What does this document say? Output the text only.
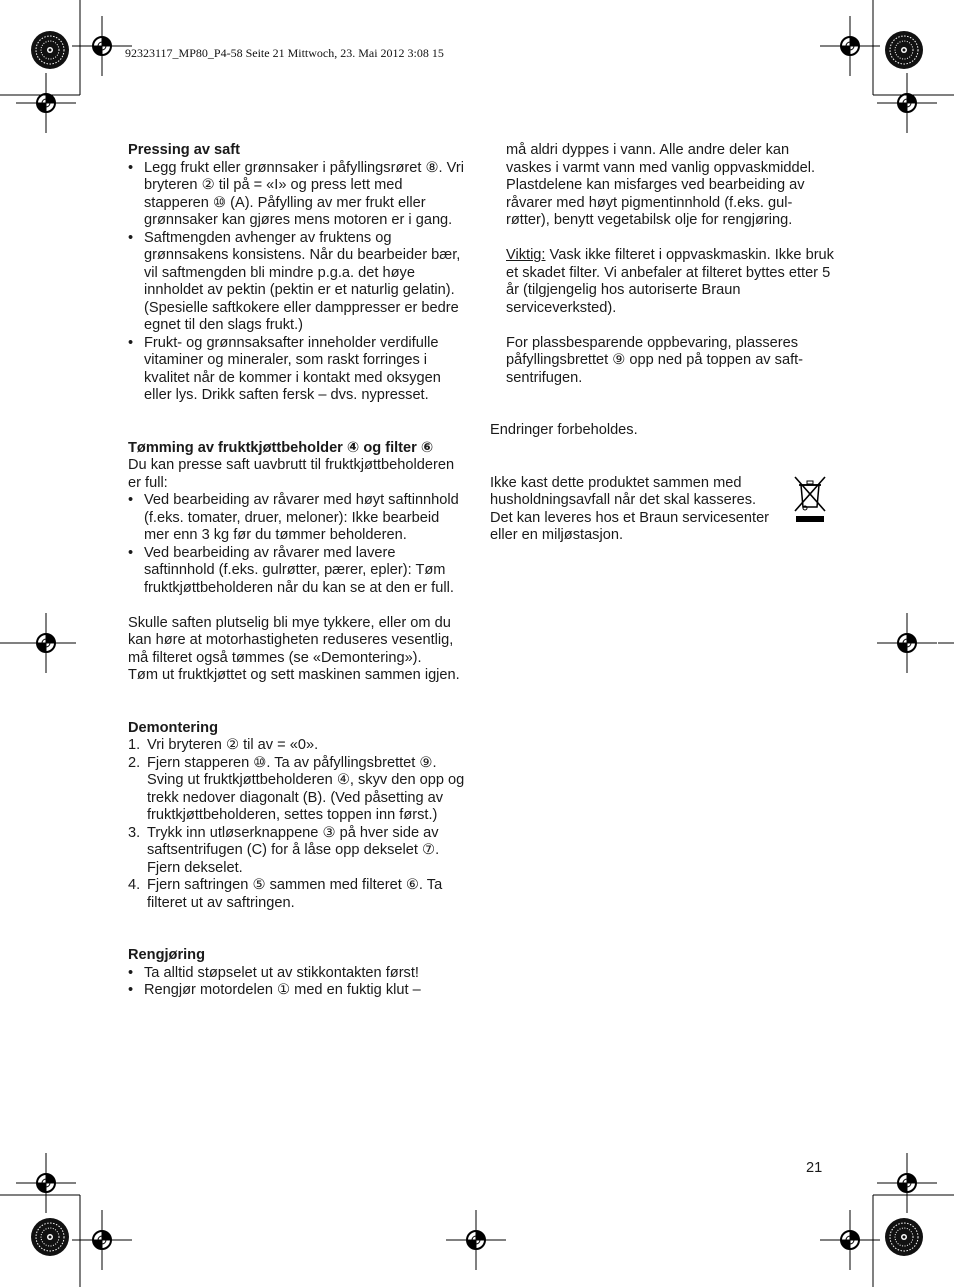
92323117_MP80_P4-58 Seite 21 Mittwoch, 23. Mai 2012 3:08 15
Pressing av saft
• Legg frukt eller grønnsaker i påfyllingsrøret ⑧. Vri bryteren ② til på = «I» og press lett med stapperen ⑩ (A). Påfylling av mer frukt eller grønnsaker kan gjøres mens motoren er i gang.
• Saftmengden avhenger av fruktens og grønnsakens konsistens. Når du bearbeider bær, vil saftmengden bli mindre p.g.a. det høye innholdet av pektin (pektin er et naturlig gelatin).
(Spesielle saftkokere eller damppresser er bedre egnet til den slags frukt.)
• Frukt- og grønnsaksafter inneholder verdifulle vitaminer og mineraler, som raskt forringes i kvalitet når de kommer i kontakt med oksygen eller lys. Drikk saften fersk – dvs. nypresset.
Tømming av fruktkjøttbeholder ④ og filter ⑥

Du kan presse saft uavbrutt til fruktkjøttbeholderen er full:

• Ved bearbeiding av råvarer med høyt saftinnhold (f.eks. tomater, druer, meloner): Ikke bearbeid mer enn 3 kg før du tømmer beholderen.
• Ved bearbeiding av råvarer med lavere saftinnhold (f.eks. gulrøtter, pærer, epler): Tøm fruktkjøttbeholderen når du kan se at den er full.

Skulle saften plutselig bli mye tykkere, eller om du kan høre at motorhastigheten reduseres vesentlig, må filteret også tømmes (se «Demontering»).

Tøm ut fruktkjøttet og sett maskinen sammen igjen.

Demontering
1. Vri bryteren ② til av = «0».
2. Fjern stapperen ⑩. Ta av påfyllingsbrettet ⑨. Sving ut fruktkjøttbeholderen ④, skyv den opp og trekk nedover diagonalt (B). (Ved påsetting av fruktkjøttbeholderen, settes toppen inn først.)
3. Trykk inn utløserknappene ③ på hver side av saftsentrifugen (C) for å låse opp dekselet ⑦. Fjern dekselet.
4. Fjern saftringen ⑤ sammen med filteret ⑥. Ta filteret ut av saftringen.
Rengjøring
• Ta alltid støpselet ut av stikkontakten først!
• Rengjør motordelen ① med en fuktig klut –

må aldri dyppes i vann. Alle andre deler kan vaskes i varmt vann med vanlig oppvaskmiddel. Plastdelene kan misfarges ved bearbeiding av råvarer med høyt pigmentinnhold (f.eks. gul-røtter), benytt vegetabilsk olje for rengjøring.

Viktig: Vask ikke filteret i oppvaskmaskin. Ikke bruk et skadet filter. Vi anbefaler at filteret byttes etter 5 år (tilgjengelig hos autoriserte Braun serviceverksted).

For plassbesparende oppbevaring, plasseres påfyllingsbrettet ⑨ opp ned på toppen av saft-sentrifugen.

Endringer forbeholdes.

Ikke kast dette produktet sammen med husholdningsavfall når det skal kasseres. Det kan leveres hos et Braun servicesenter eller en miljøstasjon.
21
